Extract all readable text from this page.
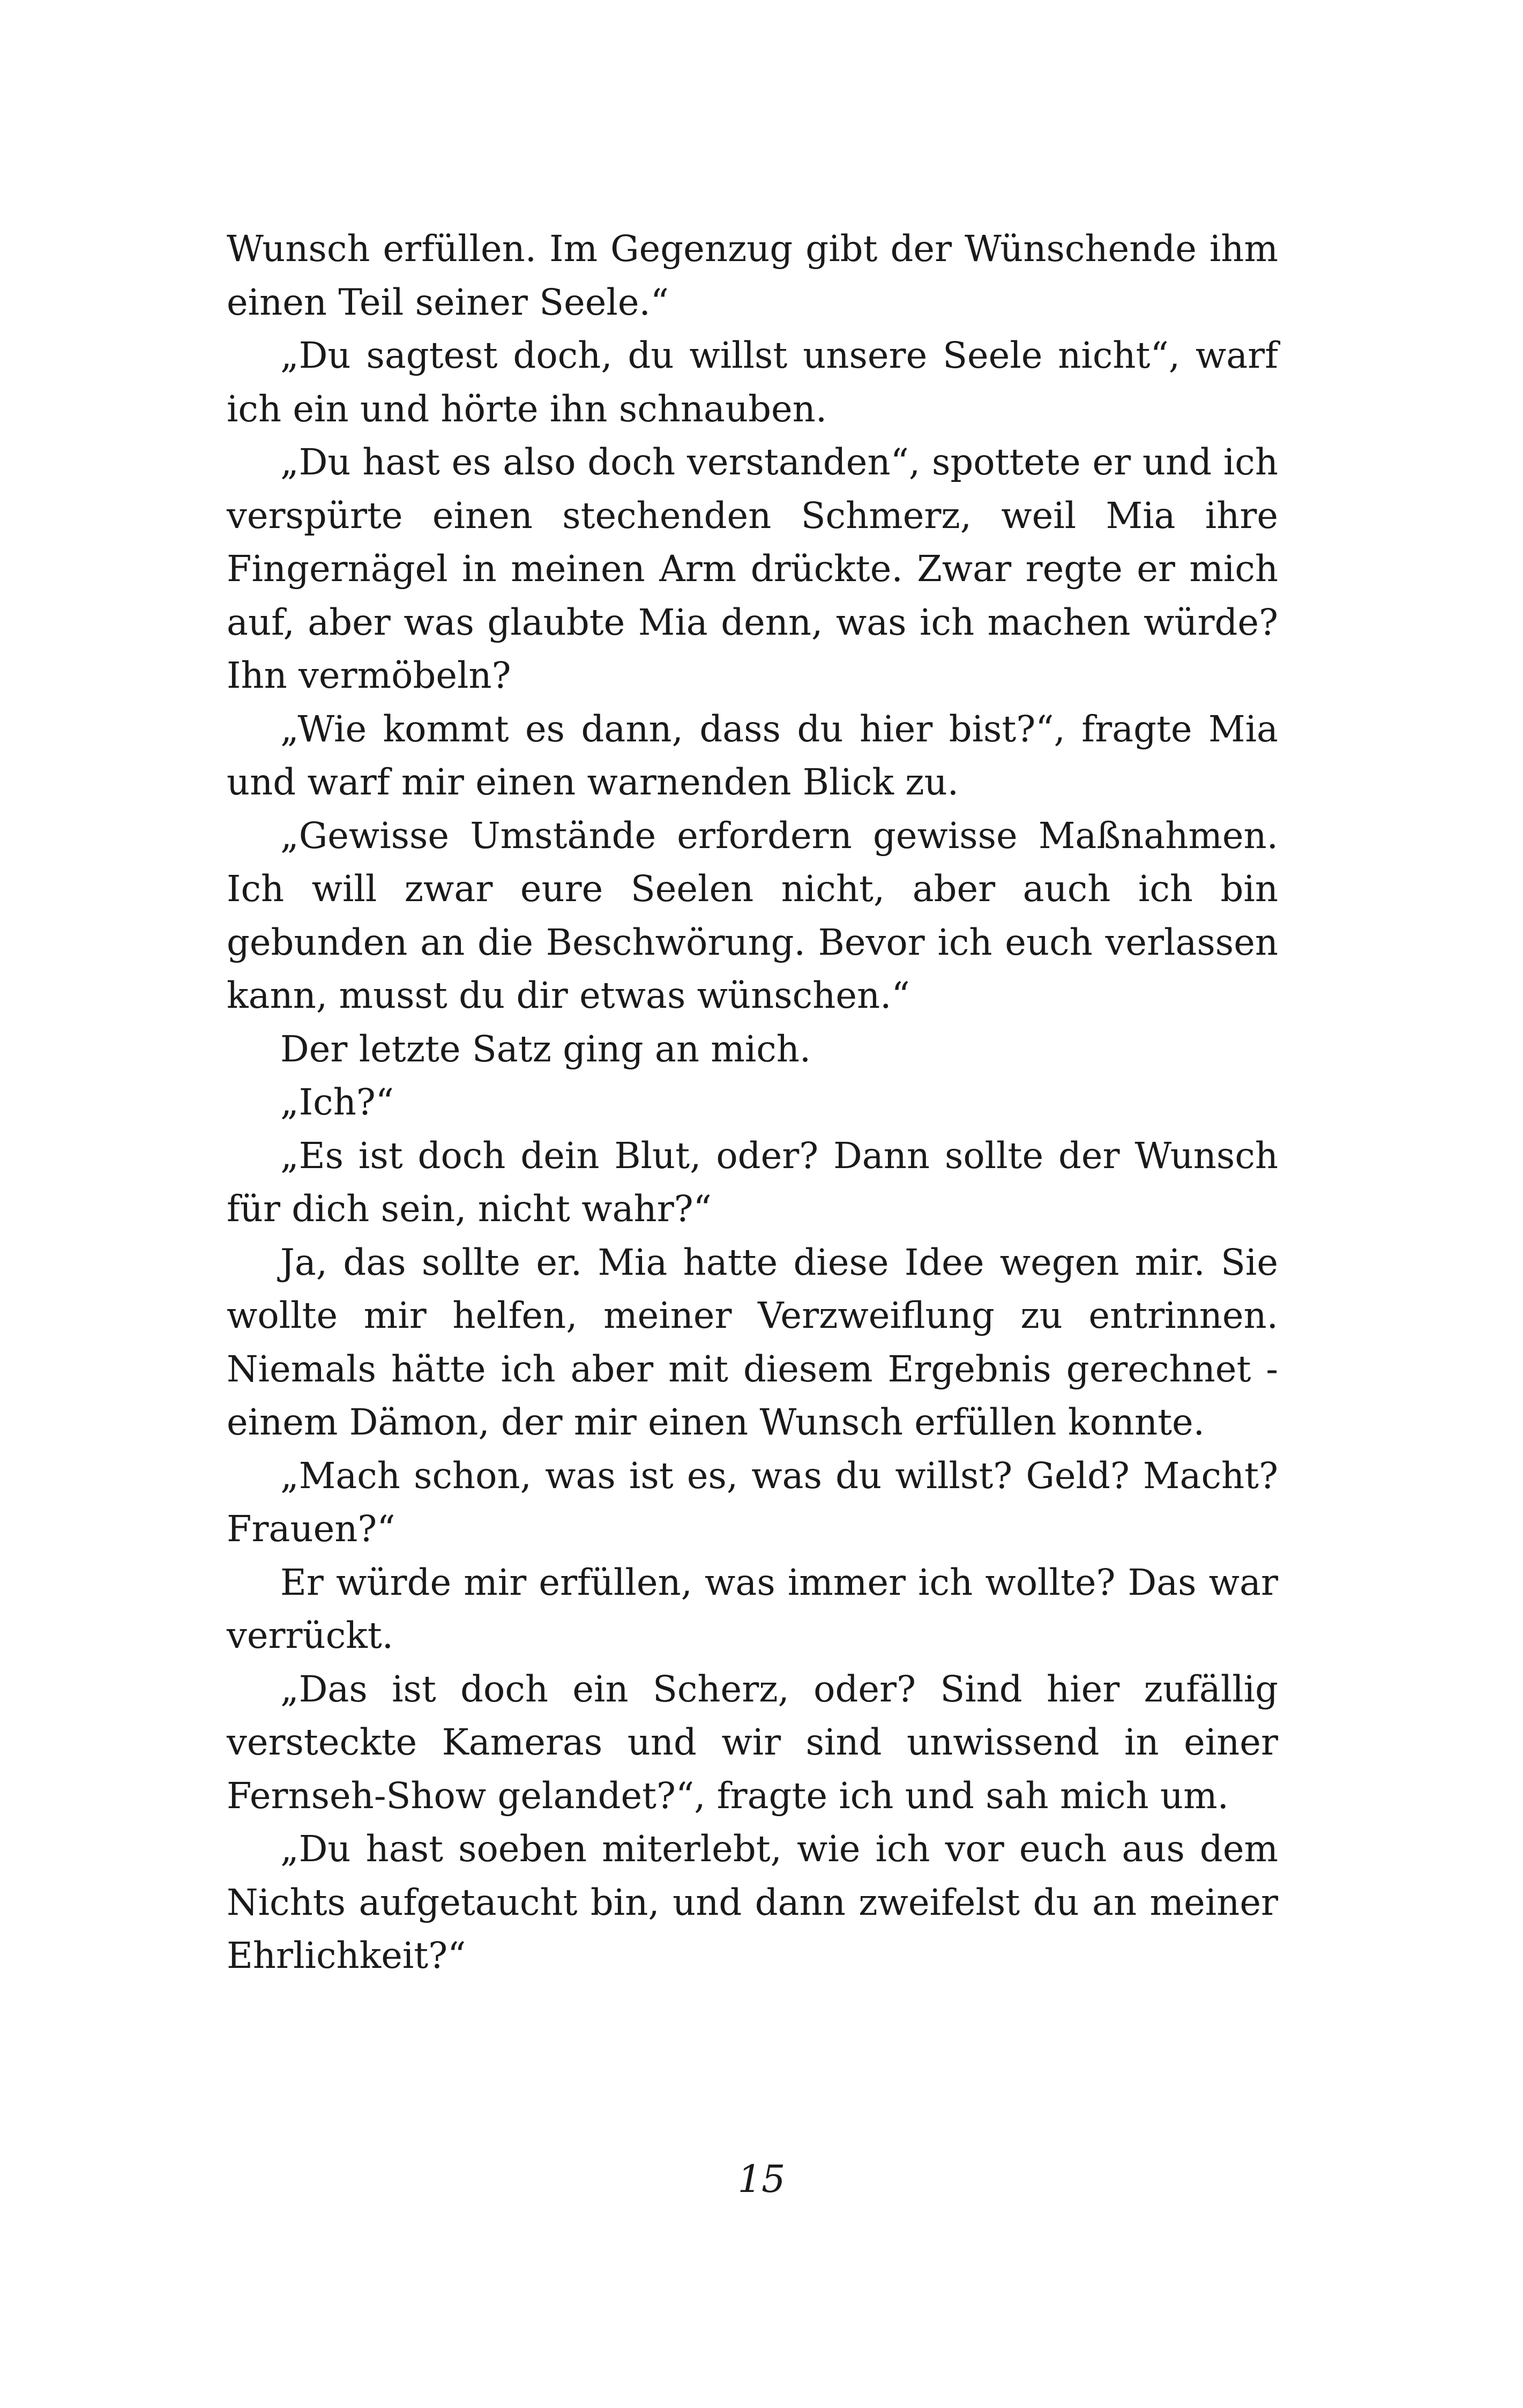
Wunsch erfüllen. Im Gegenzug gibt der Wünschende ihm einen Teil seiner Seele.“

„Du sagtest doch, du willst unsere Seele nicht“, warf ich ein und hörte ihn schnauben.

„Du hast es also doch verstanden“, spottete er und ich verspürte einen stechenden Schmerz, weil Mia ihre Fingernägel in meinen Arm drückte. Zwar regte er mich auf, aber was glaubte Mia denn, was ich machen würde? Ihn vermöbeln?

„Wie kommt es dann, dass du hier bist?“, fragte Mia und warf mir einen warnenden Blick zu.

„Gewisse Umstände erfordern gewisse Maßnahmen. Ich will zwar eure Seelen nicht, aber auch ich bin gebunden an die Beschwörung. Bevor ich euch verlassen kann, musst du dir etwas wünschen.“

Der letzte Satz ging an mich.

„Ich?“

„Es ist doch dein Blut, oder? Dann sollte der Wunsch für dich sein, nicht wahr?“

Ja, das sollte er. Mia hatte diese Idee wegen mir. Sie wollte mir helfen, meiner Verzweiflung zu entrinnen. Niemals hätte ich aber mit diesem Ergebnis gerechnet - einem Dämon, der mir einen Wunsch erfüllen konnte.

„Mach schon, was ist es, was du willst? Geld? Macht? Frauen?“

Er würde mir erfüllen, was immer ich wollte? Das war verrückt.

„Das ist doch ein Scherz, oder? Sind hier zufällig versteckte Kameras und wir sind unwissend in einer Fernseh-Show gelandet?“, fragte ich und sah mich um.

„Du hast soeben miterlebt, wie ich vor euch aus dem Nichts aufgetaucht bin, und dann zweifelst du an meiner Ehrlichkeit?“

15
